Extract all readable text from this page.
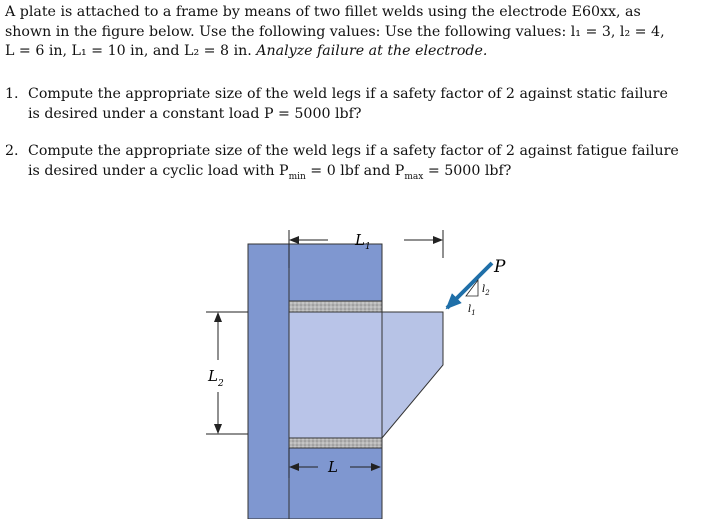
A plate is attached to a frame by means of two fillet welds using the electrode E60xx, as
shown in the figure below. Use the following values: Use the following values: l₁ = 3, l₂ = 4,
L = 6 in, L₁ = 10 in, and L₂ = 8 in. Analyze failure at the electrode.
1. Compute the appropriate size of the weld legs if a safety factor of 2 against static failure
is desired under a constant load P = 5000 lbf?
2. Compute the appropriate size of the weld legs if a safety factor of 2 against fatigue failure
is desired under a cyclic load with $P_{min} = 0$ lbf and $P_{max} = 5000$ lbf?
$L_1$
$L_2$
L
P
$l_2$
$l_1$
